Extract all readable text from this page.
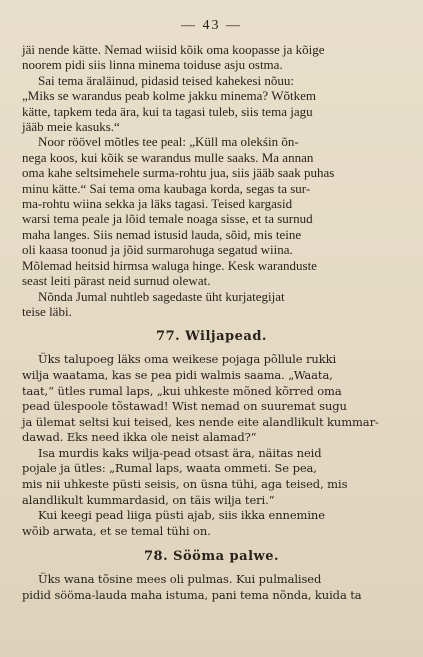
— 43 —
jäi nende kätte. Nemad wiisid kõik oma koopasse ja kõige
noorem pidi siis linna minema toiduse asju ostma.
Sai tema äraläinud, pidasid teised kahekesi nõuu:
„Miks se warandus peab kolme jakku minema? Wõtkem
kätte, tapkem teda ära, kui ta tagasi tuleb, siis tema jagu
jääb meie kasuks.“
Noor röövel mõtles tee peal: „Küll ma olekśin õn-
nega koos, kui kõik se warandus mulle saaks. Ma annan
oma kahe seltsimehele surma-rohtu jua, siis jääb saak puhas
minu kätte.“ Sai tema oma kaubaga korda, segas ta sur-
ma-rohtu wiina sekka ja läks tagasi. Teised kargasid
warsi tema peale ja lõid temale noaga sisse, et ta surnud
maha langes. Siis nemad istusid lauda, sõid, mis teine
oli kaasa toonud ja jõid surmarohuga segatud wiina.
Mõlemad heitsid hirmsa waluga hinge. Kesk waranduste
seast leiti pärast neid surnud olewat.
Nõnda Jumal nuhtleb sagedaste üht kurjategijat
teise läbi.
77. Wiljapead.
Üks talupoeg läks oma weikese pojaga põllule rukki
wilja waatama, kas se pea pidi walmis saama. „Waata,
taat,“ ütles rumal laps, „kui uhkeste mõned kõrred oma
pead ülespoole tõstawad! Wist nemad on suuremat sugu
ja ülemat seltsi kui teised, kes nende eite alandlikult kummar-
dawad. Eks need ikka ole neist alamad?“
Isa murdis kaks wilja-pead otsast ära, näitas neid
pojale ja ütles: „Rumal laps, waata ommeti. Se pea,
mis nii uhkeste püsti seisis, on üsna tühi, aga teised, mis
alandlikult kummardasid, on täis wilja teri.“
Kui keegi pead liiga püsti ajab, siis ikka ennemine
wõib arwata, et se temal tühi on.
78. Sööma palwe.
Üks wana tõsine mees oli pulmas. Kui pulmalised
pidid sööma-lauda maha istuma, pani tema nõnda, kuida ta
